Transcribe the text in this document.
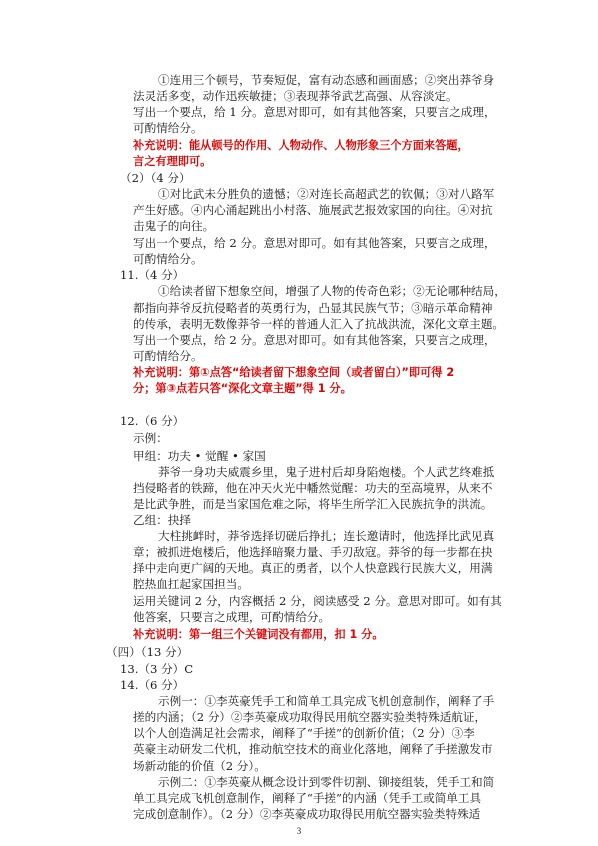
①连用三个顿号，节奏短促，富有动态感和画面感；②突出莽爷身
法灵活多变，动作迅疾敏捷；③表现莽爷武艺高强、从容淡定。
写出一个要点，给 1 分。意思对即可，如有其他答案，只要言之成理，
可酌情给分。
补充说明：能从顿号的作用、人物动作、人物形象三个方面来答题，
言之有理即可。
（2）（4 分）
①对比武未分胜负的遗憾；②对连长高超武艺的钦佩；③对八路军
产生好感。④内心涌起跳出小村落、施展武艺报效家国的向往。④对抗
击鬼子的向往。
写出一个要点，给 2 分。意思对即可。如有其他答案，只要言之成理，
可酌情给分。
11.（4 分）
①给读者留下想象空间，增强了人物的传奇色彩；②无论哪种结局，
都指向莽爷反抗侵略者的英勇行为，凸显其民族气节；③暗示革命精神
的传承，表明无数像莽爷一样的普通人汇入了抗战洪流，深化文章主题。
写出一个要点，给 2 分。意思对即可。如有其他答案，只要言之成理，
可酌情给分。
补充说明：第①点答“给读者留下想象空间（或者留白）”即可得 2
分；第③点若只答“深化文章主题”得 1 分。
12.（6 分）
示例：
甲组：功夫 • 觉醒 • 家国
莽爷一身功夫威震乡里，鬼子进村后却身陷炮楼。个人武艺终难抵
挡侵略者的铁蹄，他在冲天火光中幡然觉醒：功夫的至高境界，从来不
是比武争胜，而是当家国危难之际，将毕生所学汇入民族抗争的洪流。
乙组：抉择
大柱挑衅时，莽爷选择切磋后挣扎；连长邀请时，他选择比武见真
章；被抓进炮楼后，他选择暗聚力量、手刃敌寇。莽爷的每一步都在抉
择中走向更广阔的天地。真正的勇者，以个人快意践行民族大义，用满
腔热血扛起家国担当。
运用关键词 2 分，内容概括 2 分，阅读感受 2 分。意思对即可。如有其
他答案，只要言之成理，可酌情给分。
补充说明：第一组三个关键词没有都用，扣 1 分。
（四）（13 分）
13.（3 分）C
14.（6 分）
示例一：①李英豪凭手工和简单工具完成飞机创意制作，阐释了手
搓的内涵；（2 分）②李英豪成功取得民用航空器实验类特殊适航证，
以个人创造满足社会需求，阐释了“手搓”的创新价值；（2 分）③李
英豪主动研发二代机，推动航空技术的商业化落地，阐释了手搓激发市
场新动能的价值（2 分）。
示例二：①李英豪从概念设计到零件切割、铆接组装，凭手工和简
单工具完成飞机创意制作，阐释了“手搓”的内涵（凭手工或简单工具
完成创意制作）。（2 分）②李英豪成功取得民用航空器实验类特殊适
3
